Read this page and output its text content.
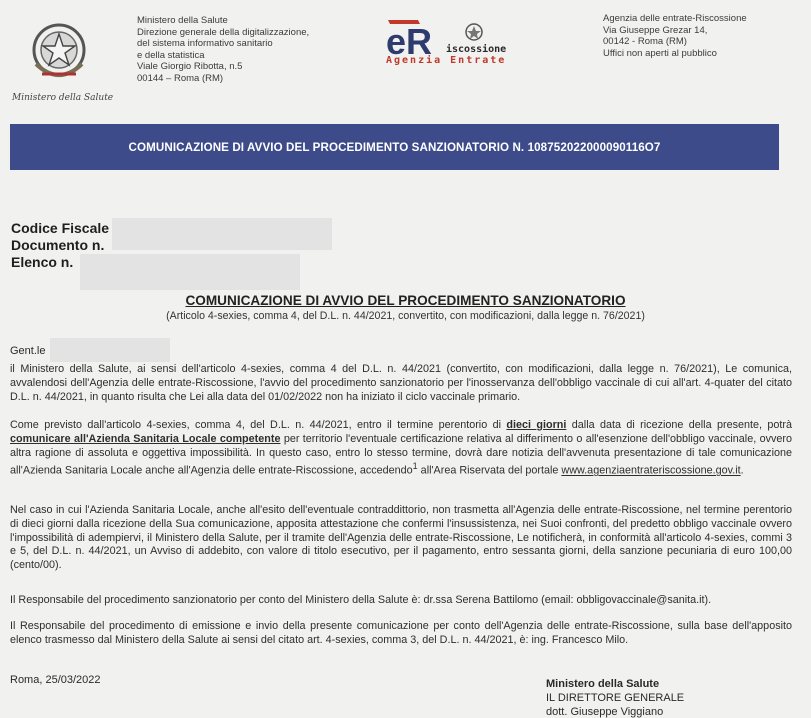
Ministero della Salute
Ministero della Salute
Direzione generale della digitalizzazione,
del sistema informativo sanitario
e della statistica
Viale Giorgio Ribotta, n.5
00144 – Roma (RM)
eR iscossione
Agenzia Entrate
Agenzia delle entrate-Riscossione
Via Giuseppe Grezar 14,
00142 - Roma (RM)
Uffici non aperti al pubblico
COMUNICAZIONE DI AVVIO DEL PROCEDIMENTO SANZIONATORIO N. 108752022000090116O7
Codice Fiscale
Documento n.
Elenco n.
COMUNICAZIONE DI AVVIO DEL PROCEDIMENTO SANZIONATORIO
(Articolo 4-sexies, comma 4, del D.L. n. 44/2021, convertito, con modificazioni, dalla legge n. 76/2021)
Gent.le
il Ministero della Salute, ai sensi dell'articolo 4-sexies, comma 4 del D.L. n. 44/2021 (convertito, con modificazioni, dalla legge n. 76/2021), Le comunica, avvalendosi dell'Agenzia delle entrate-Riscossione, l'avvio del procedimento sanzionatorio per l'inosservanza dell'obbligo vaccinale di cui all'art. 4-quater del citato D.L. n. 44/2021, in quanto risulta che Lei alla data del 01/02/2022 non ha iniziato il ciclo vaccinale primario.
Come previsto dall'articolo 4-sexies, comma 4, del D.L. n. 44/2021, entro il termine perentorio di dieci giorni dalla data di ricezione della presente, potrà comunicare all'Azienda Sanitaria Locale competente per territorio l'eventuale certificazione relativa al differimento o all'esenzione dell'obbligo vaccinale, ovvero altra ragione di assoluta e oggettiva impossibilità. In questo caso, entro lo stesso termine, dovrà dare notizia dell'avvenuta presentazione di tale comunicazione all'Azienda Sanitaria Locale anche all'Agenzia delle entrate-Riscossione, accedendo$^1$ all'Area Riservata del portale www.agenziaentrateriscossione.gov.it.
Nel caso in cui l'Azienda Sanitaria Locale, anche all'esito dell'eventuale contraddittorio, non trasmetta all'Agenzia delle entrate-Riscossione, nel termine perentorio di dieci giorni dalla ricezione della Sua comunicazione, apposita attestazione che confermi l'insussistenza, nei Suoi confronti, del predetto obbligo vaccinale ovvero l'impossibilità di adempiervi, il Ministero della Salute, per il tramite dell'Agenzia delle entrate-Riscossione, Le notificherà, in conformità all'articolo 4-sexies, commi 3 e 5, del D.L. n. 44/2021, un Avviso di addebito, con valore di titolo esecutivo, per il pagamento, entro sessanta giorni, della sanzione pecuniaria di euro 100,00 (cento/00).
Il Responsabile del procedimento sanzionatorio per conto del Ministero della Salute è: dr.ssa Serena Battilomo (email: obbligovaccinale@sanita.it).
Il Responsabile del procedimento di emissione e invio della presente comunicazione per conto dell'Agenzia delle entrate-Riscossione, sulla base dell'apposito elenco trasmesso dal Ministero della Salute ai sensi del citato art. 4-sexies, comma 3, del D.L. n. 44/2021, è: ing. Francesco Milo.
Roma, 25/03/2022	Ministero della Salute
IL DIRETTORE GENERALE
dott. Giuseppe Viggiano
